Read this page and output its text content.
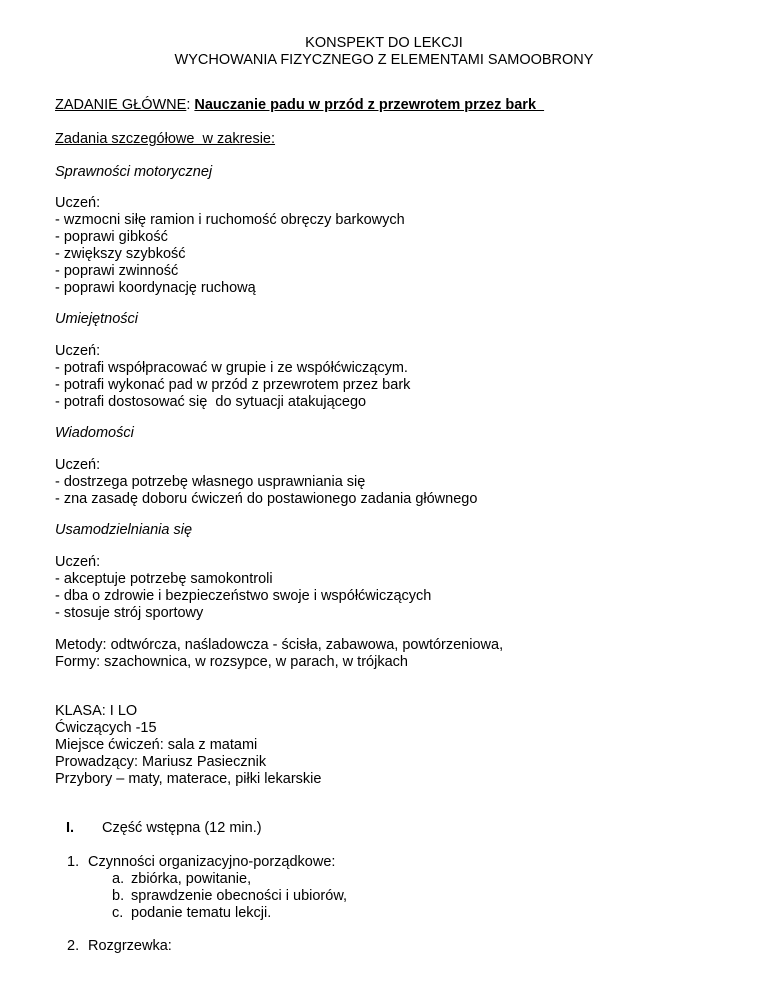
KONSPEKT DO LEKCJI
WYCHOWANIA FIZYCZNEGO Z ELEMENTAMI SAMOOBRONY
ZADANIE GŁÓWNE: Nauczanie padu w przód z przewrotem przez bark
Zadania szczegółowe  w zakresie:
Sprawności motorycznej
Uczeń:
- wzmocni siłę ramion i ruchomość obręczy barkowych
- poprawi gibkość
- zwiększy szybkość
- poprawi zwinność
- poprawi koordynację ruchową
Umiejętności
Uczeń:
- potrafi współpracować w grupie i ze współćwiczącym.
- potrafi wykonać pad w przód z przewrotem przez bark
- potrafi dostosować się  do sytuacji atakującego
Wiadomości
Uczeń:
- dostrzega potrzebę własnego usprawniania się
- zna zasadę doboru ćwiczeń do postawionego zadania głównego
Usamodzielniania się
Uczeń:
- akceptuje potrzebę samokontroli
- dba o zdrowie i bezpieczeństwo swoje i współćwiczących
- stosuje strój sportowy
Metody: odtwórcza, naśladowcza - ścisła, zabawowa, powtórzeniowa,
Formy: szachownica, w rozsypce, w parach, w trójkach
KLASA: I LO
Ćwiczących -15
Miejsce ćwiczeń: sala z matami
Prowadzący: Mariusz Pasiecznik
Przybory – maty, materace, piłki lekarskie
I. Część wstępna (12 min.)
1. Czynności organizacyjno-porządkowe:
a. zbiórka, powitanie,
b. sprawdzenie obecności i ubiorów,
c. podanie tematu lekcji.
2. Rozgrzewka:
